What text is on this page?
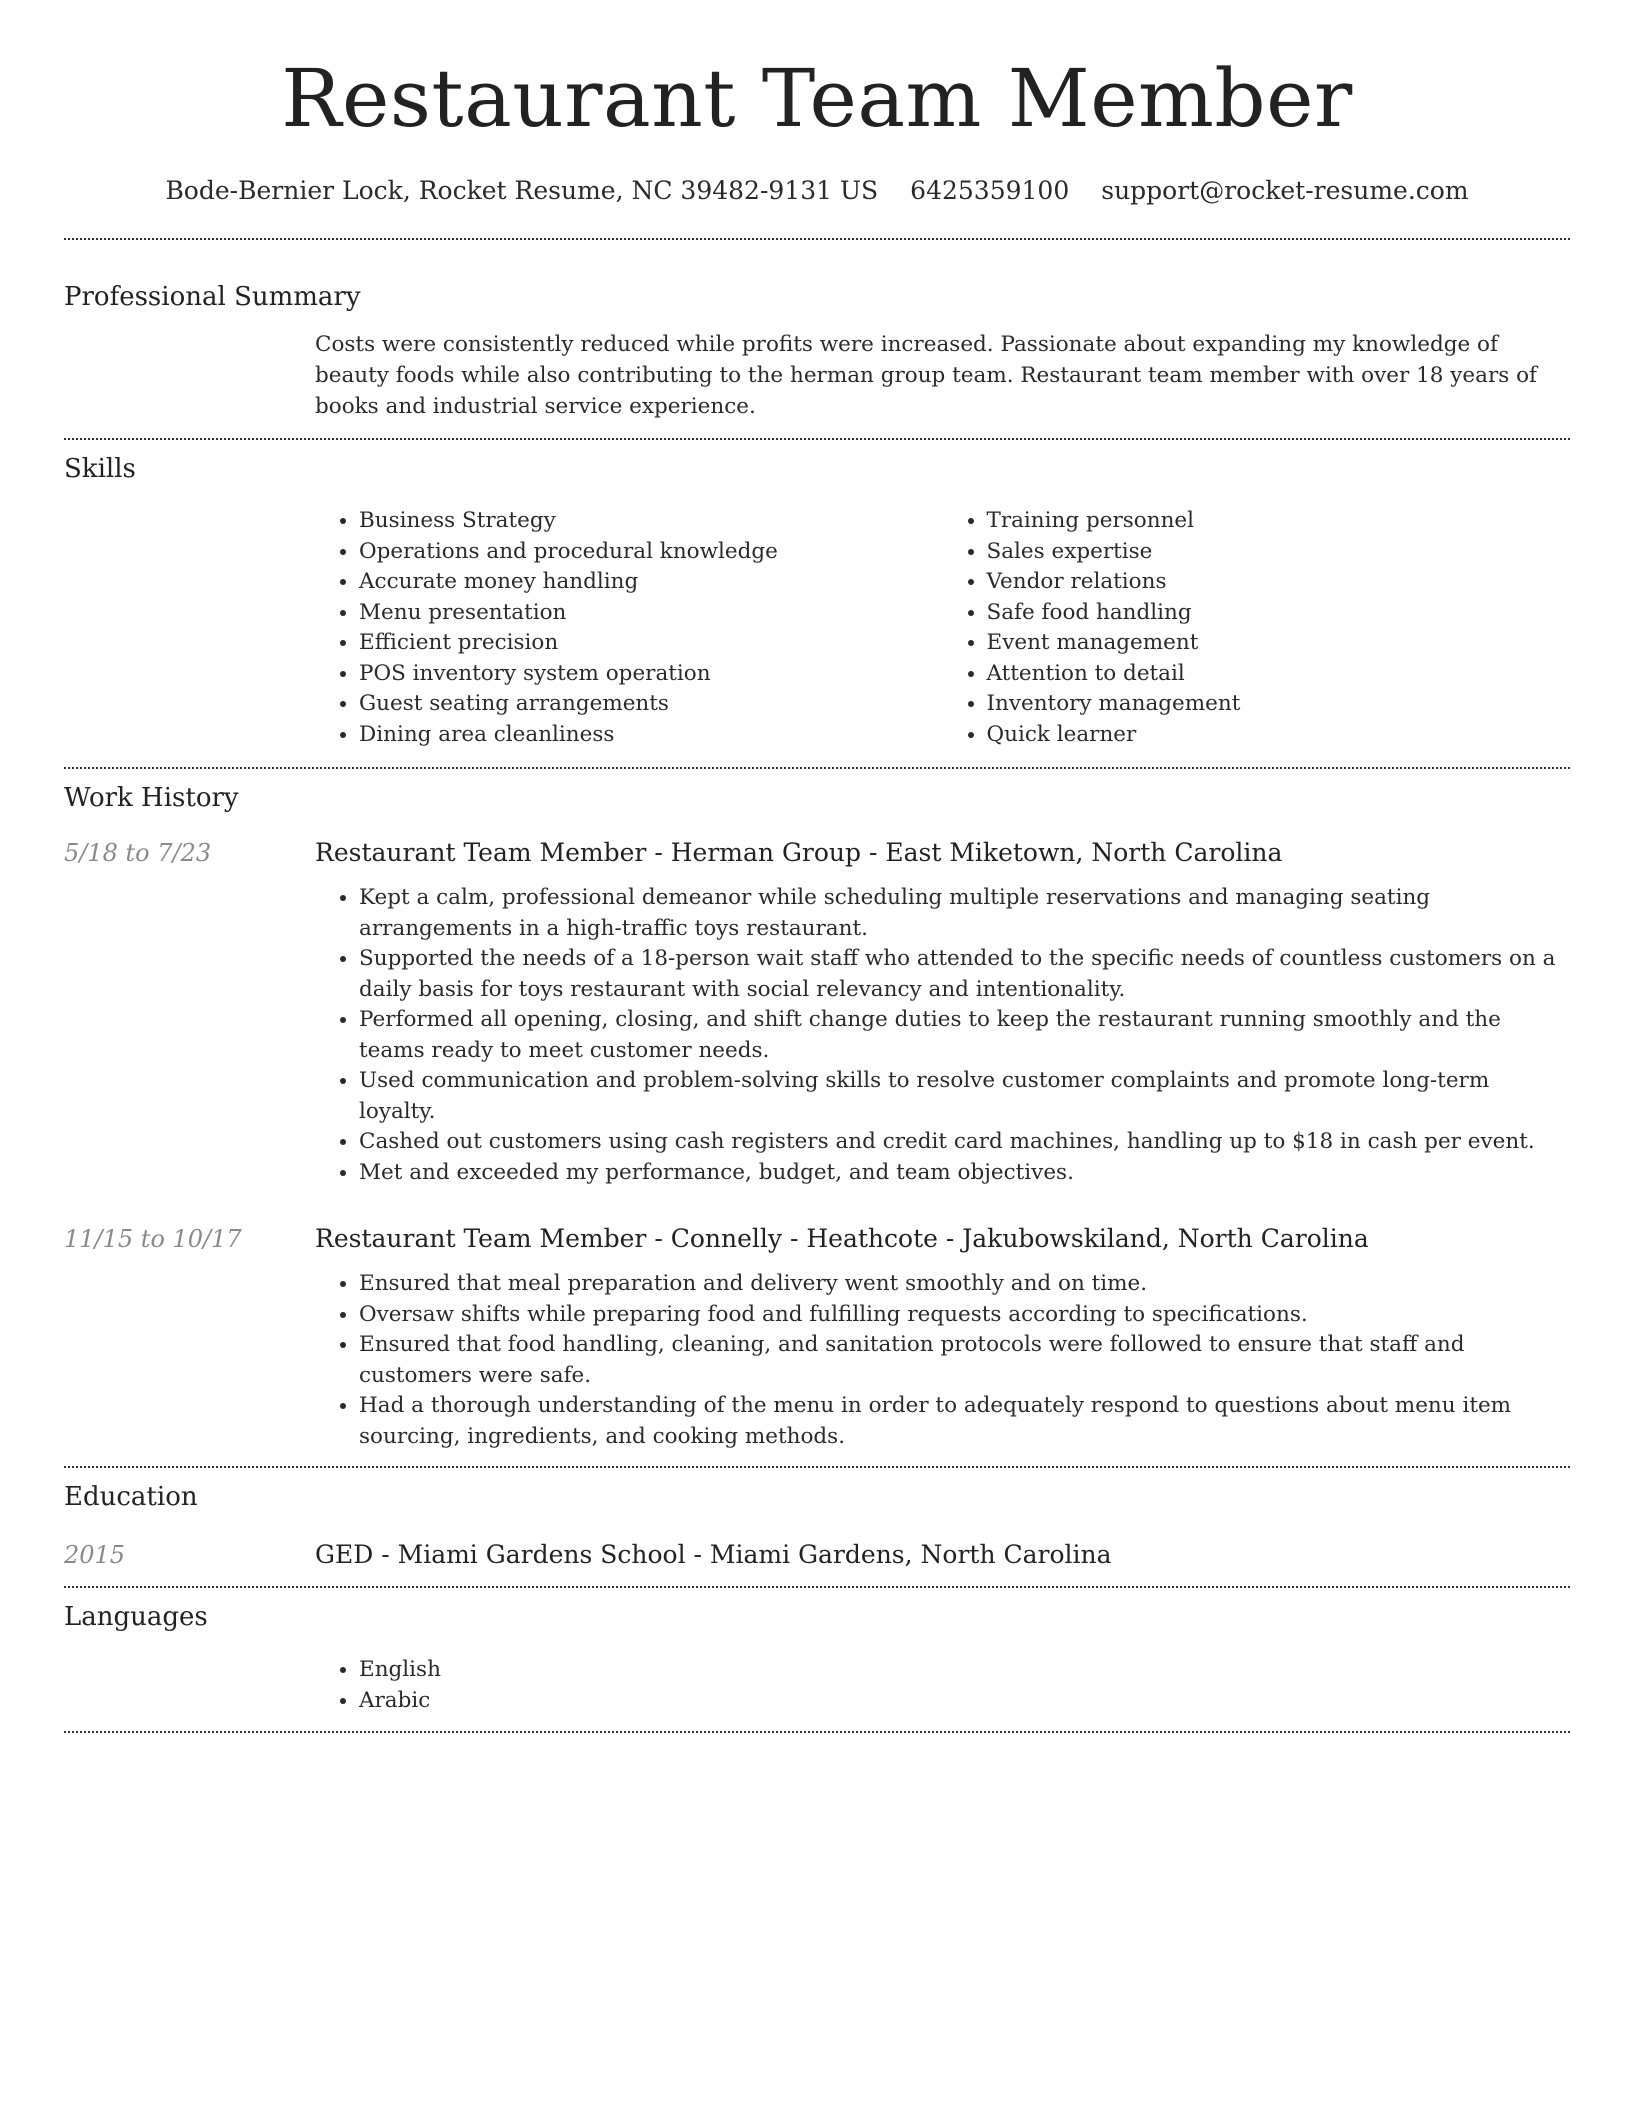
Restaurant Team Member
Bode-Bernier Lock, Rocket Resume, NC 39482-9131 US 6425359100 support@rocket-resume.com
Professional Summary

Costs were consistently reduced while profits were increased. Passionate about expanding my knowledge of beauty foods while also contributing to the herman group team. Restaurant team member with over 18 years of books and industrial service experience.

Skills
• Business Strategy
• Operations and procedural knowledge
• Accurate money handling
• Menu presentation
• Efficient precision
• POS inventory system operation
• Guest seating arrangements
• Dining area cleanliness
• Training personnel
• Sales expertise
• Vendor relations
• Safe food handling
• Event management
• Attention to detail
• Inventory management
• Quick learner
Work History
5/18 to 7/23	Restaurant Team Member - Herman Group - East Miketown, North Carolina

• Kept a calm, professional demeanor while scheduling multiple reservations and managing seating arrangements in a high-traffic toys restaurant.
• Supported the needs of a 18-person wait staff who attended to the specific needs of countless customers on a daily basis for toys restaurant with social relevancy and intentionality.
• Performed all opening, closing, and shift change duties to keep the restaurant running smoothly and the teams ready to meet customer needs.
• Used communication and problem-solving skills to resolve customer complaints and promote long-term loyalty.
• Cashed out customers using cash registers and credit card machines, handling up to $18 in cash per event.
• Met and exceeded my performance, budget, and team objectives.
11/15 to 10/17	Restaurant Team Member - Connelly - Heathcote - Jakubowskiland, North Carolina

• Ensured that meal preparation and delivery went smoothly and on time.
• Oversaw shifts while preparing food and fulfilling requests according to specifications.
• Ensured that food handling, cleaning, and sanitation protocols were followed to ensure that staff and customers were safe.
• Had a thorough understanding of the menu in order to adequately respond to questions about menu item sourcing, ingredients, and cooking methods.
Education
2015	GED - Miami Gardens School - Miami Gardens, North Carolina

Languages
• English
• Arabic
